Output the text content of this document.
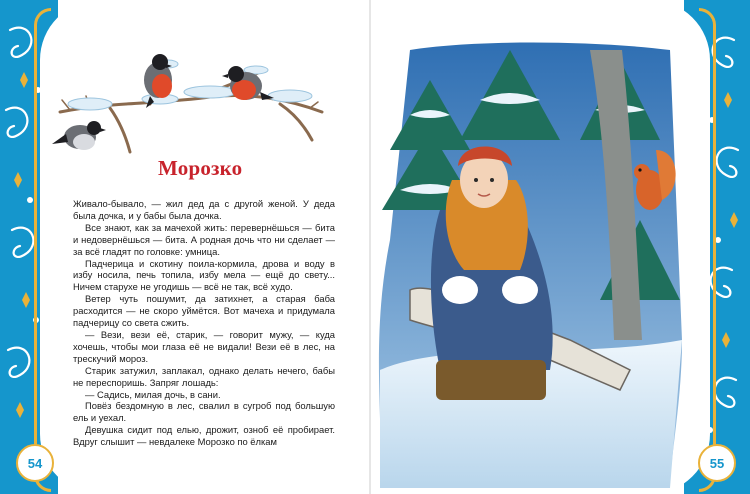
Морозко

Живало-бывало, — жил дед да с другой женой. У деда была дочка, и у бабы была дочка.

Все знают, как за мачехой жить: перевернёшься — бита и недовернёшься — бита. А родная дочь что ни сделает — за всё гладят по головке: умница.

Падчерица и скотину поила-кормила, дрова и воду в избу носила, печь топила, избу мела — ещё до свету... Ничем старухе не угодишь — всё не так, всё худо.

Ветер чуть пошумит, да затихнет, а старая баба расходится — не скоро уймётся. Вот мачеха и придумала падчерицу со света сжить.

— Вези, вези её, старик, — говорит мужу, — куда хочешь, чтобы мои глаза её не видали! Вези её в лес, на трескучий мороз.

Старик затужил, заплакал, однако делать нечего, бабы не переспоришь. Запряг лошадь:

— Садись, милая дочь, в сани.

Повёз бездомную в лес, свалил в сугроб под большую ель и уехал.

Девушка сидит под елью, дрожит, озноб её пробирает. Вдруг слышит — невдалеке Морозко по ёлкам

54	55
